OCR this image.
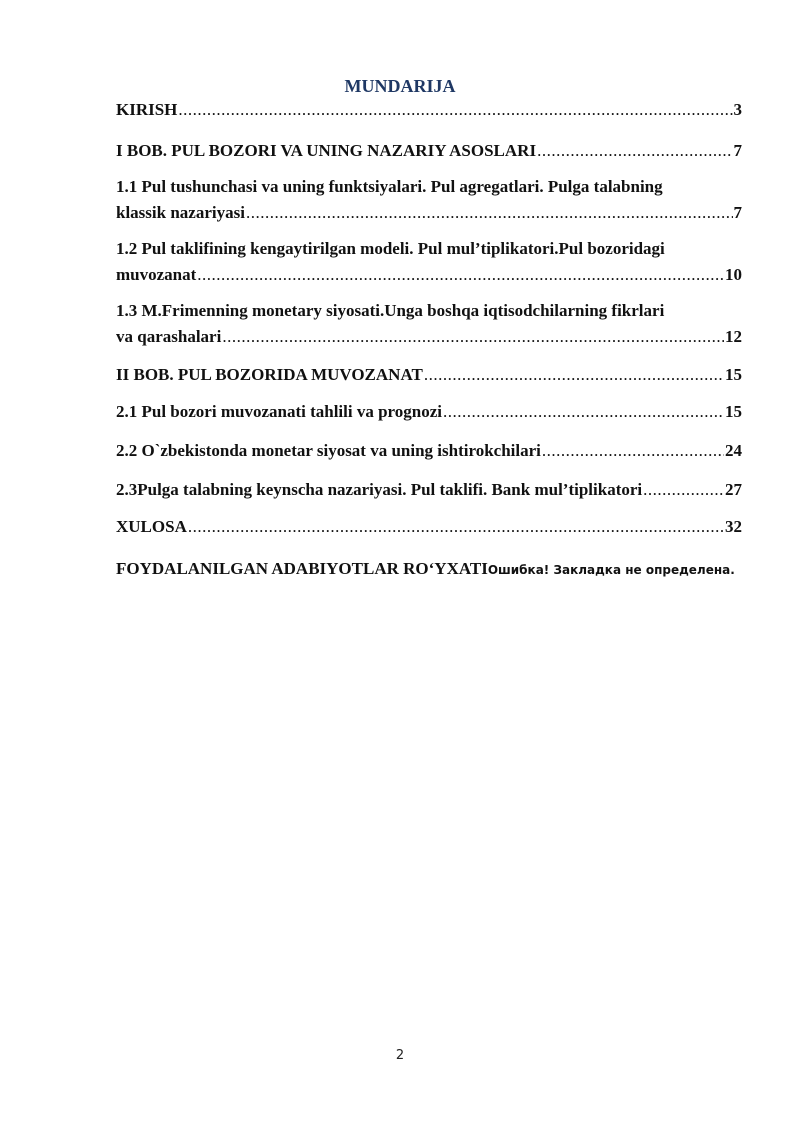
MUNDARIJA
KIRISH .....	3
I BOB. PUL BOZORI VA UNING NAZARIY ASOSLARI .....	7
1.1 Pul tushunchasi va uning funktsiyalari. Pul agregatlari. Pulga talabning
klassik nazariyasi .....	7
1.2 Pul taklifining kengaytirilgan modeli. Pul mul’tiplikatori.Pul bozoridagi
muvozanat .....	10
1.3 M.Frimenning monetary siyosati.Unga boshqa iqtisodchilarning fikrlari
va qarashalari .....	12
II BOB. PUL BOZORIDA MUVOZANAT .....	15
2.1 Pul bozori muvozanati tahlili va prognozi .....	15
2.2 O`zbekistonda monetar siyosat va uning ishtirokchilari .....	24
2.3Pulga talabning keynscha nazariyasi. Pul taklifi. Bank mul’tiplikatori .....	27
XULOSA .....	32
FOYDALANILGAN ADABIYOTLAR RO‘YXATIОшибка! Закладка не определена.
2
